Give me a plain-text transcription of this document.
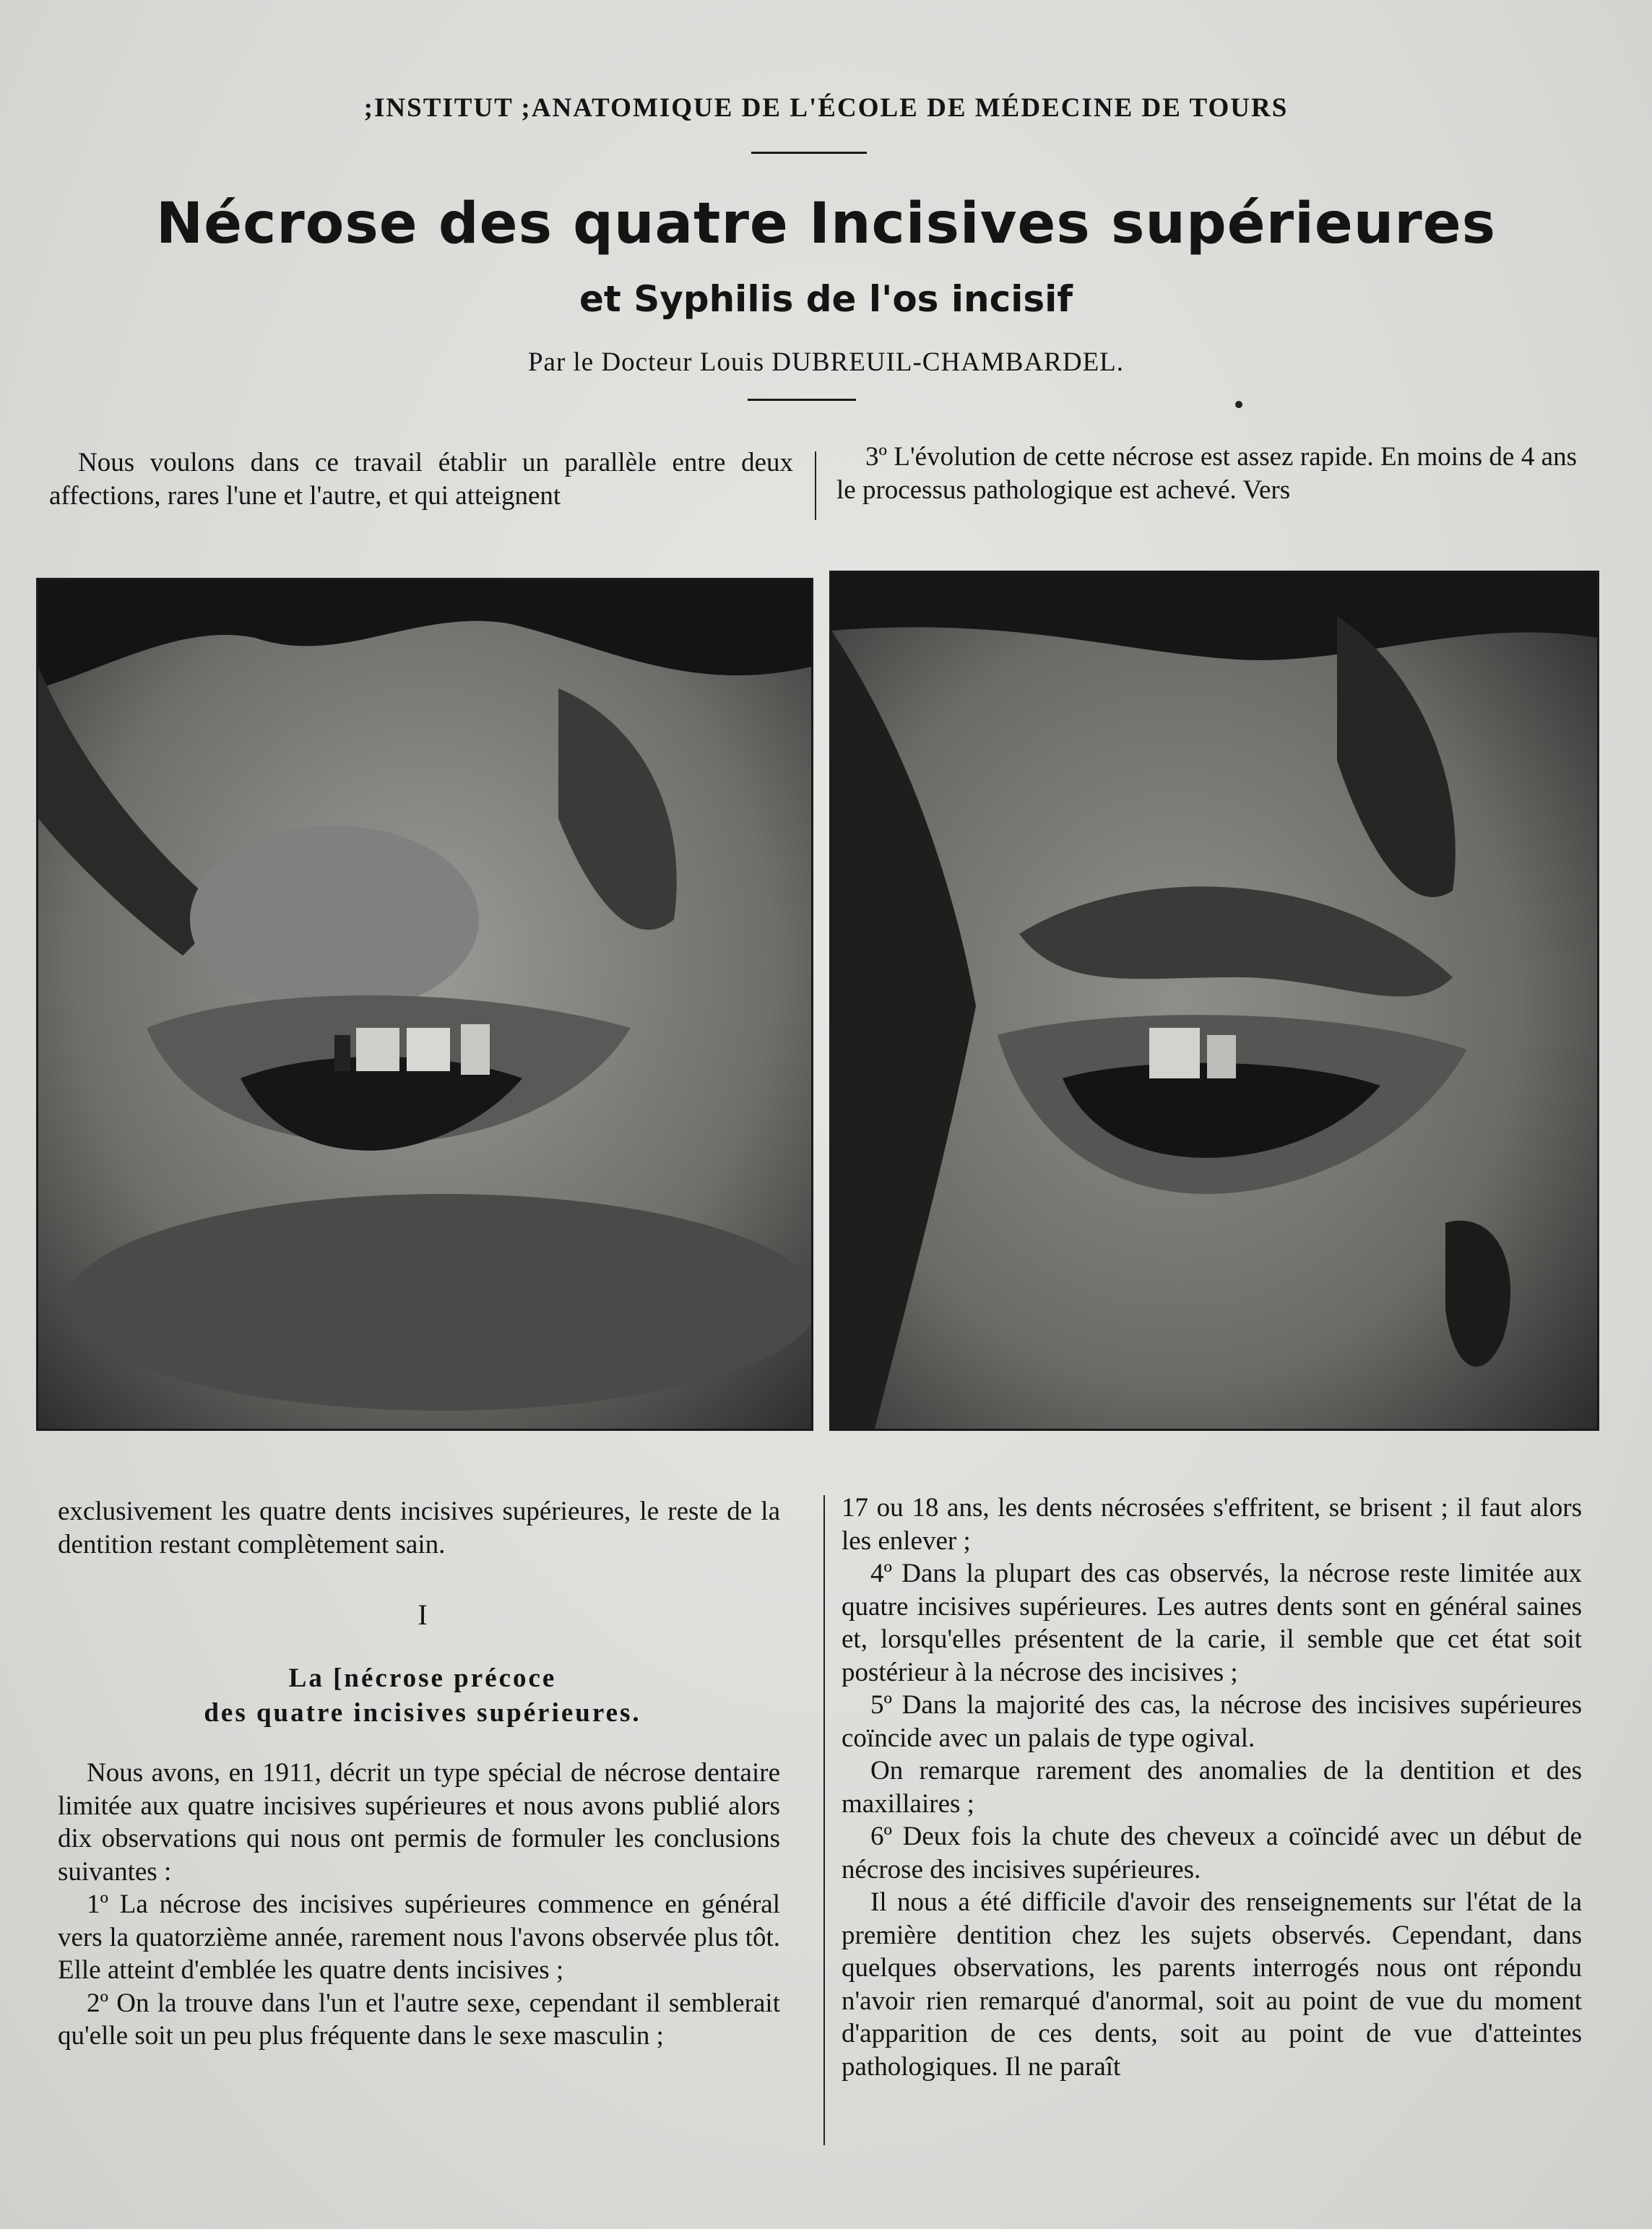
;INSTITUT ;ANATOMIQUE DE L'ÉCOLE DE MÉDECINE DE TOURS
Nécrose des quatre Incisives supérieures
et Syphilis de l'os incisif
Par le Docteur Louis DUBREUIL-CHAMBARDEL.

Nous voulons dans ce travail établir un parallèle entre deux affections, rares l'une et l'autre, et qui atteignent

3º L'évolution de cette nécrose est assez rapide. En moins de 4 ans le processus pathologique est achevé. Vers

exclusivement les quatre dents incisives supérieures, le reste de la dentition restant complètement sain.

I
La [nécrose précoce
des quatre incisives supérieures.

Nous avons, en 1911, décrit un type spécial de nécrose dentaire limitée aux quatre incisives supérieures et nous avons publié alors dix observations qui nous ont permis de formuler les conclusions suivantes :

1º La nécrose des incisives supérieures commence en général vers la quatorzième année, rarement nous l'avons observée plus tôt. Elle atteint d'emblée les quatre dents incisives ;

2º On la trouve dans l'un et l'autre sexe, cependant il semblerait qu'elle soit un peu plus fréquente dans le sexe masculin ;

17 ou 18 ans, les dents nécrosées s'effritent, se brisent ; il faut alors les enlever ;

4º Dans la plupart des cas observés, la nécrose reste limitée aux quatre incisives supérieures. Les autres dents sont en général saines et, lorsqu'elles présentent de la carie, il semble que cet état soit postérieur à la nécrose des incisives ;

5º Dans la majorité des cas, la nécrose des incisives supérieures coïncide avec un palais de type ogival.

On remarque rarement des anomalies de la dentition et des maxillaires ;

6º Deux fois la chute des cheveux a coïncidé avec un début de nécrose des incisives supérieures.

Il nous a été difficile d'avoir des renseignements sur l'état de la première dentition chez les sujets observés. Cependant, dans quelques observations, les parents interrogés nous ont répondu n'avoir rien remarqué d'anormal, soit au point de vue du moment d'apparition de ces dents, soit au point de vue d'atteintes pathologiques. Il ne paraît
